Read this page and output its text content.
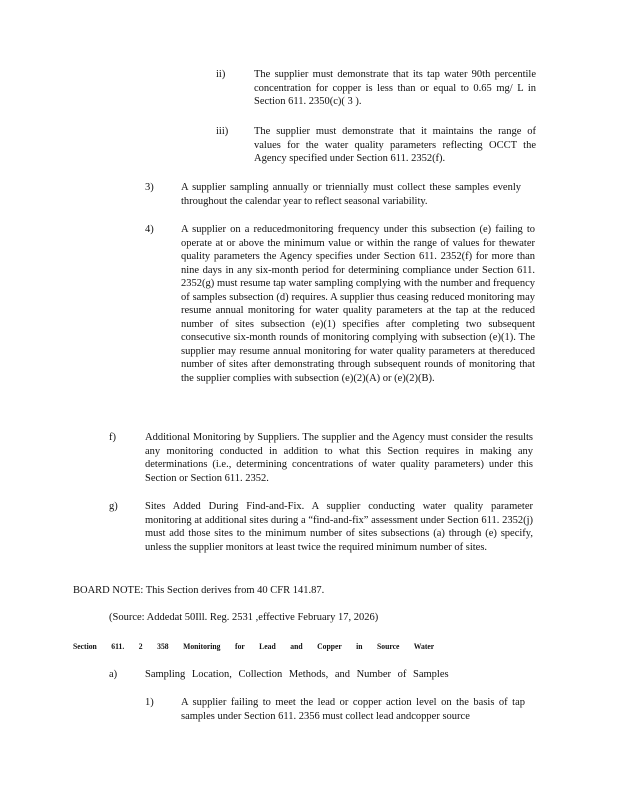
ii)	The supplier must demonstrate that its tap water 90th percentile concentration for copper is less than or equal to 0.65 mg/ L in Section 611. 2350(c)( 3 ).
iii) The supplier must demonstrate that it maintains the range of values for the water quality parameters reflecting OCCT the Agency specified under Section 611. 2352(f).
3)	A supplier sampling annually or triennially must collect these samples evenly throughout the calendar year to reflect seasonal variability.
4)	A supplier on a reducedmonitoring frequency under this subsection (e) failing to operate at or above the minimum value or within the range of values for thewater quality parameters the Agency specifies under Section 611. 2352(f) for more than nine days in any six-month period for determining compliance under Section 611. 2352(g) must resume tap water sampling complying with the number and frequency of samples subsection (d) requires. A supplier thus ceasing reduced monitoring may resume annual monitoring for water quality parameters at the tap at the reduced number of sites subsection (e)(1) specifies after completing two subsequent consecutive six-month rounds of monitoring complying with subsection (e)(1). The supplier may resume annual monitoring for water quality parameters at thereduced number of sites after demonstrating through subsequent rounds of monitoring that the supplier complies with subsection (e)(2)(A) or (e)(2)(B).
f)	Additional Monitoring by Suppliers. The supplier and the Agency must consider the results any monitoring conducted in addition to what this Section requires in making any determinations (i.e., determining concentrations of water quality parameters) under this Section or Section 611. 2352.
g)	Sites Added During Find-and-Fix. A supplier conducting water quality parameter monitoring at additional sites during a “find-and-fix” assessment under Section 611. 2352(j) must add those sites to the minimum number of sites subsections (a) through (e) specify, unless the supplier monitors at least twice the required minimum number of sites.
BOARD NOTE: This Section derives from 40 CFR 141.87.
(Source: Addedat 50Ill. Reg. 2531 ,effective February 17, 2026)
Section 611. 2 358 Monitoring for Lead and Copper in Source Water
a)	Sampling Location, Collection Methods, and Number of Samples
1)	A supplier failing to meet the lead or copper action level on the basis of tap samples under Section 611. 2356 must collect lead andcopper source
